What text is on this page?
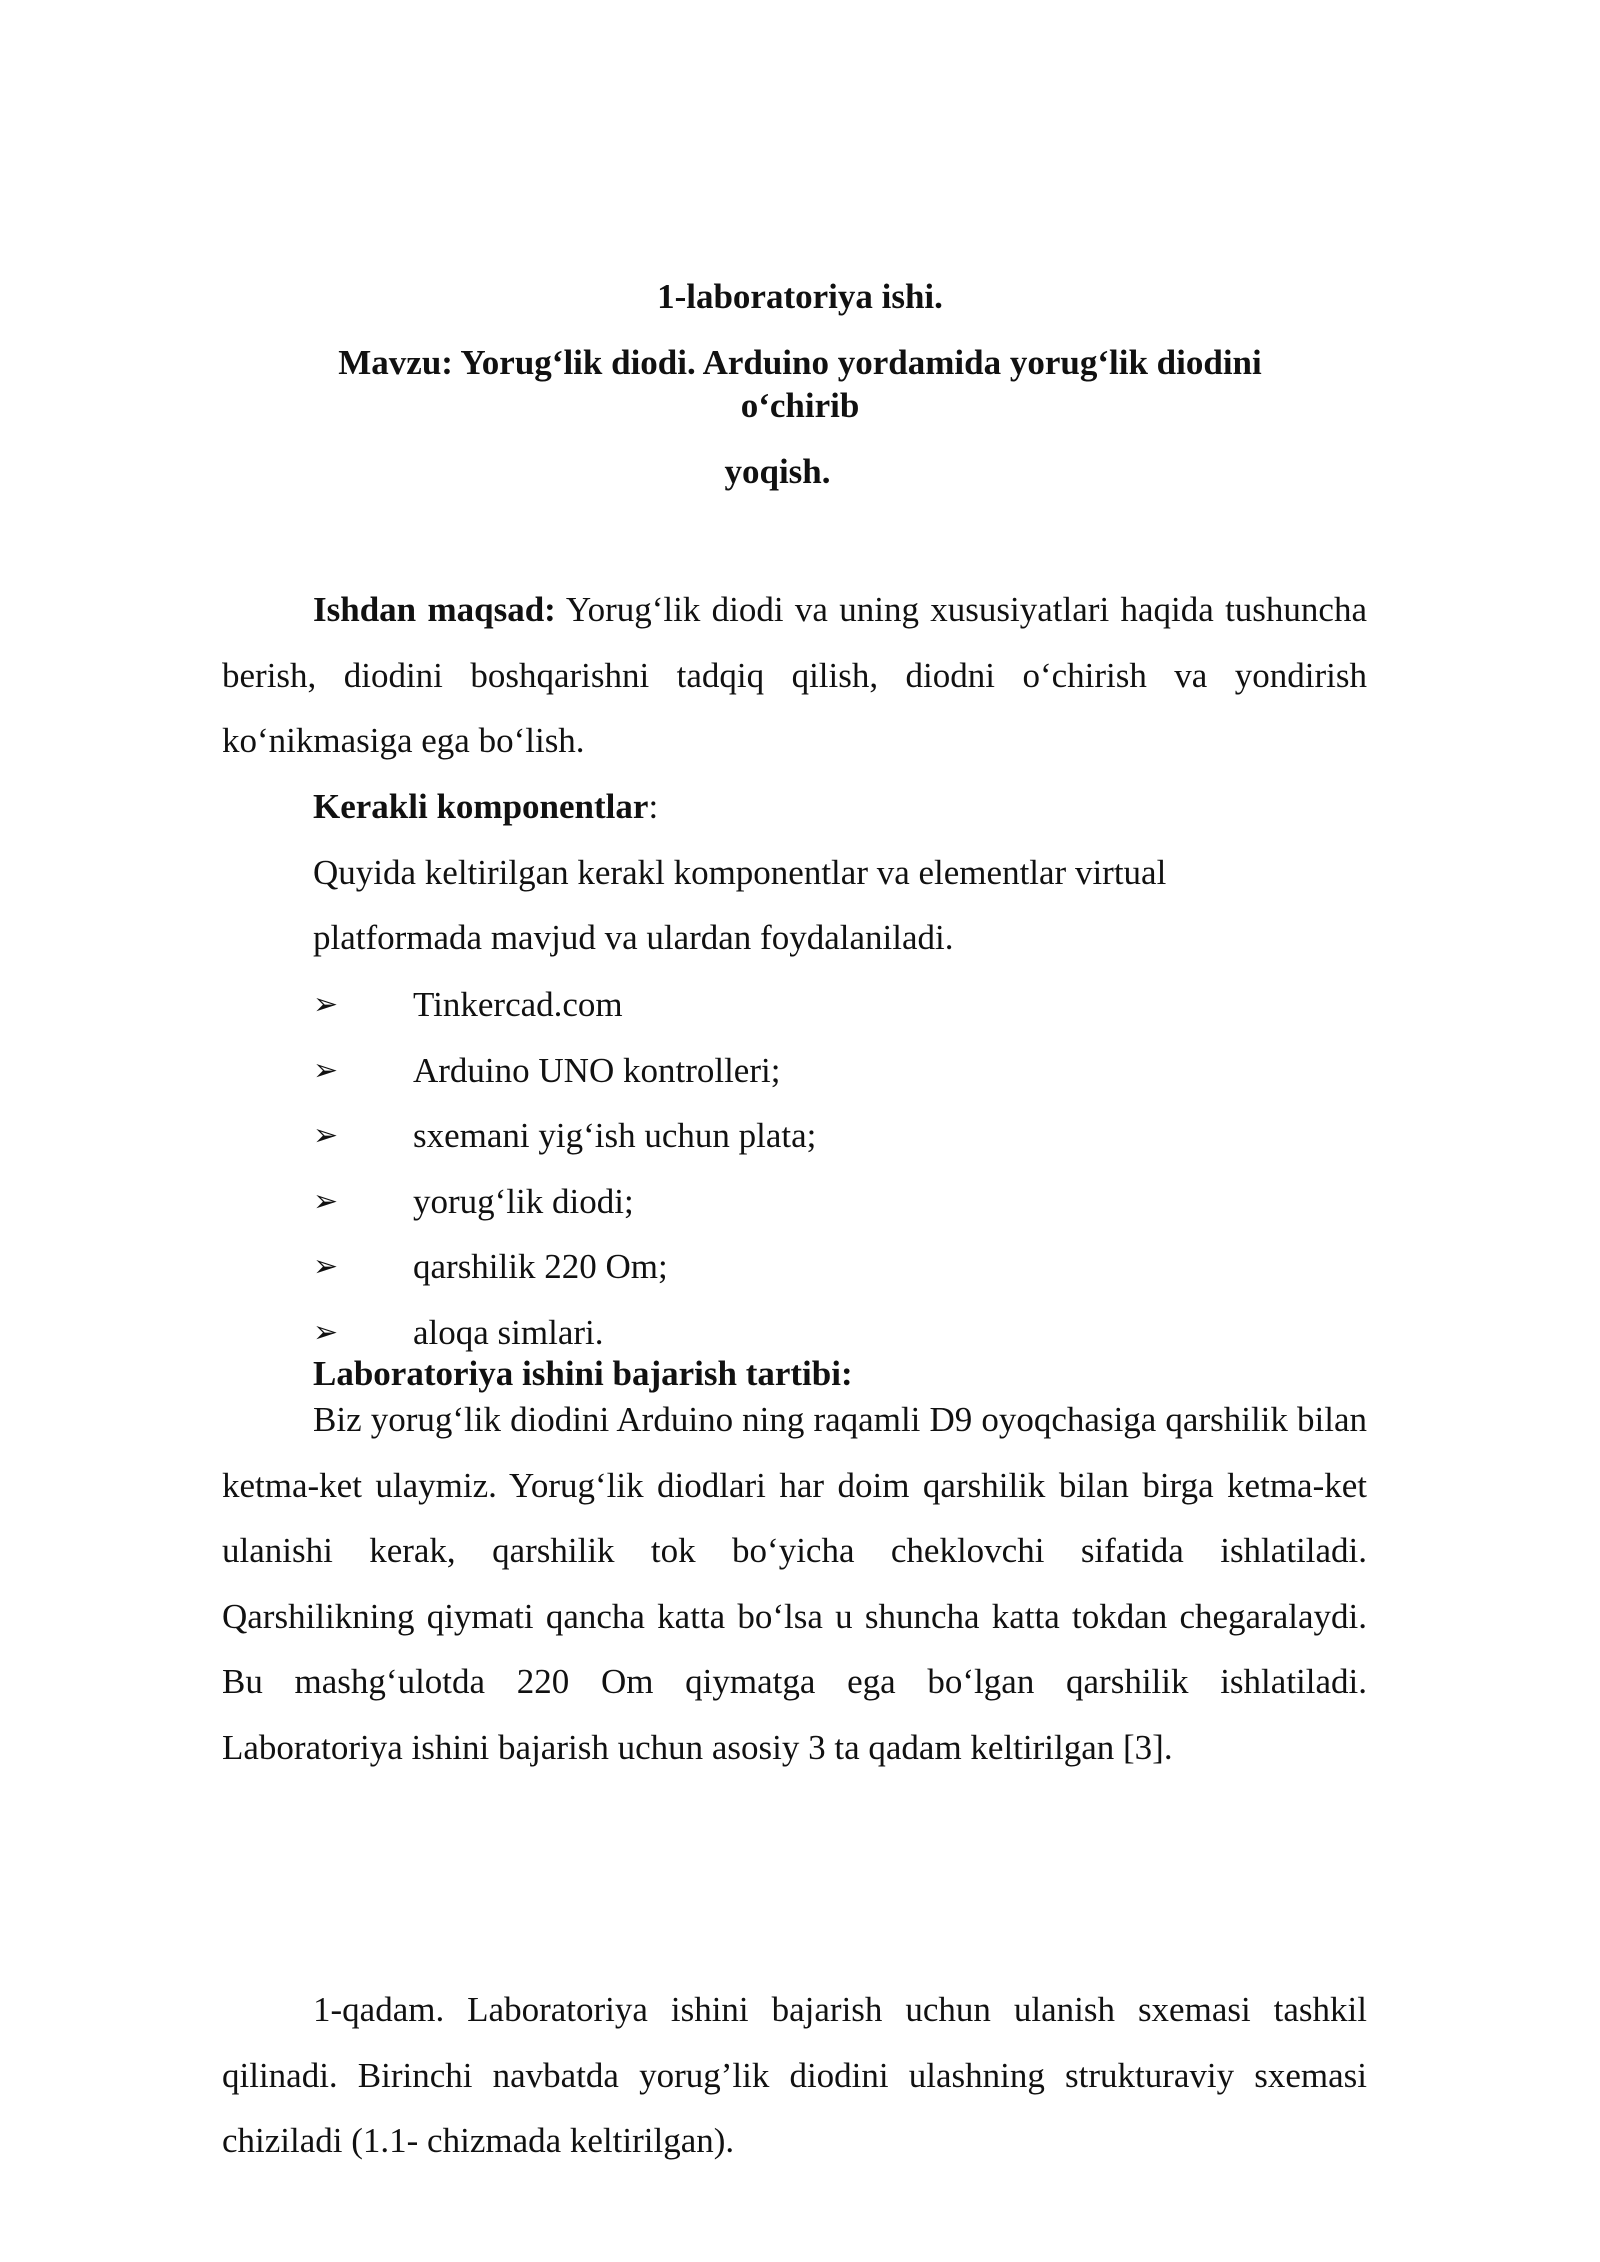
1-laboratoriya ishi.
Mavzu: Yorug‘lik diodi. Arduino yordamida yorug‘lik diodini
o‘chirib
yoqish.

Ishdan maqsad: Yorug‘lik diodi va uning xususiyatlari haqida tushuncha berish, diodini boshqarishni tadqiq qilish, diodni o‘chirish va yondirish ko‘nikmasiga ega bo‘lish.

Kerakli komponentlar:
Quyida keltirilgan kerakl komponentlar va elementlar virtual
platformada mavjud va ulardan foydalaniladi.
➢	Tinkercad.com
➢	Arduino UNO kontrolleri;
➢	sxemani yig‘ish uchun plata;
➢	yorug‘lik diodi;
➢	qarshilik 220 Om;
➢	aloqa simlari.
Laboratoriya ishini bajarish tartibi:

Biz yorug‘lik diodini Arduino ning raqamli D9 oyoqchasiga qarshilik bilan ketma-ket ulaymiz. Yorug‘lik diodlari har doim qarshilik bilan birga ketma-ket ulanishi kerak, qarshilik tok bo‘yicha cheklovchi sifatida ishlatiladi. Qarshilikning qiymati qancha katta bo‘lsa u shuncha katta tokdan chegaralaydi. Bu mashg‘ulotda 220 Om qiymatga ega bo‘lgan qarshilik ishlatiladi. Laboratoriya ishini bajarish uchun asosiy 3 ta qadam keltirilgan [3].

1-qadam. Laboratoriya ishini bajarish uchun ulanish sxemasi tashkil qilinadi. Birinchi navbatda yorug’lik diodini ulashning strukturaviy sxemasi chiziladi (1.1- chizmada keltirilgan).
